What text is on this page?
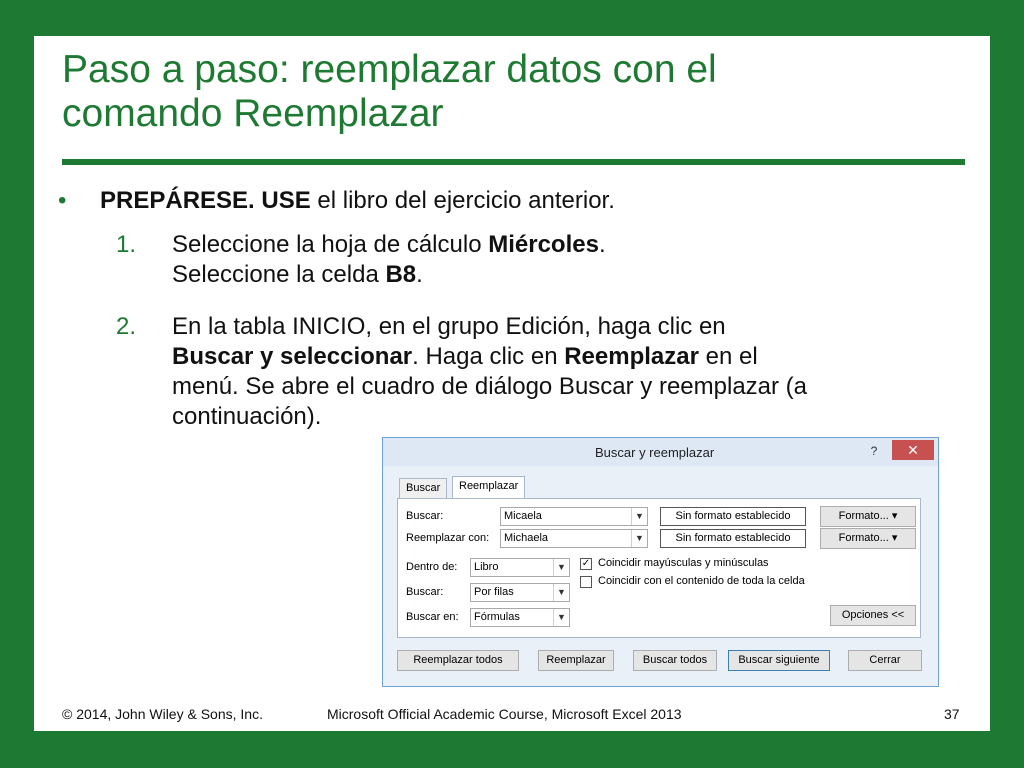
Paso a paso: reemplazar datos con el
comando Reemplazar
• PREPÁRESE. USE el libro del ejercicio anterior.
1. Seleccione la hoja de cálculo Miércoles.
Seleccione la celda B8.
2. En la tabla INICIO, en el grupo Edición, haga clic en
Buscar y seleccionar. Haga clic en Reemplazar en el
menú. Se abre el cuadro de diálogo Buscar y reemplazar (a
continuación).
Buscar y reemplazar	?	✕
Buscar	Reemplazar
Buscar:	Micaela	▼	Sin formato establecido	Formato... ▾
Reemplazar con:	Michaela	▼	Sin formato establecido	Formato... ▾
Dentro de:	Libro	▼
Buscar:	Por filas	▼
Buscar en:	Fórmulas	▼
✓ Coincidir mayúsculas y minúsculas
Coincidir con el contenido de toda la celda
Opciones <<
Reemplazar todos	Reemplazar	Buscar todos	Buscar siguiente	Cerrar
© 2014, John Wiley & Sons, Inc.	Microsoft Official Academic Course, Microsoft Excel 2013	37
